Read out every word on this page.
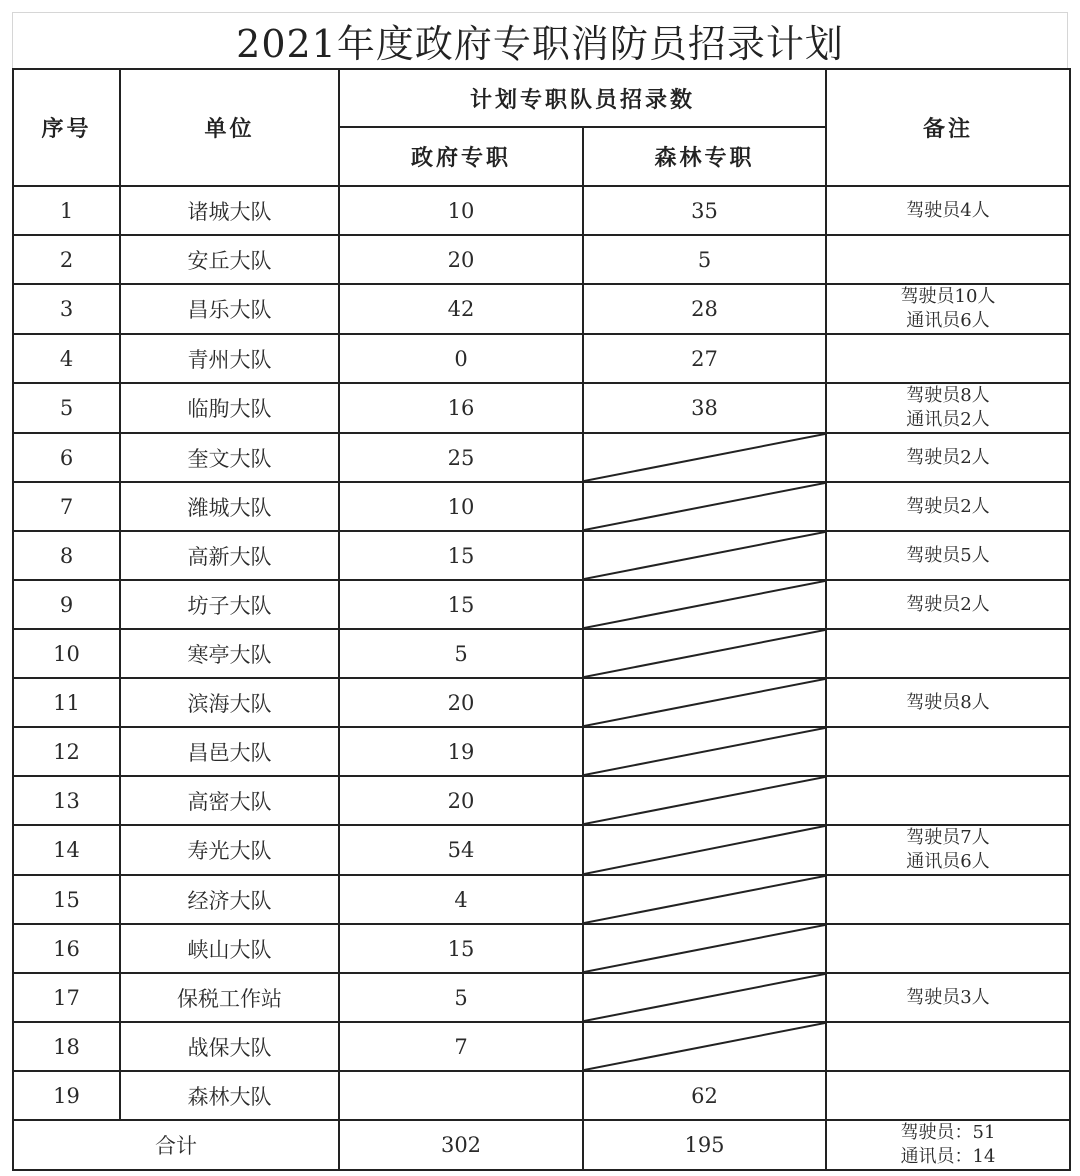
2021年度政府专职消防员招录计划
序号	单位	计划专职队员招录数		备注
		政府专职	森林专职	
1	诸城大队	10	35	驾驶员4人

2	安丘大队	20	5	
3	昌乐大队	42	28	驾驶员10人
通讯员6人

4	青州大队	0	27	
5	临朐大队	16	38	驾驶员8人
通讯员2人

6	奎文大队	25		驾驶员2人

7	潍城大队	10		驾驶员2人

8	高新大队	15		驾驶员5人

9	坊子大队	15		驾驶员2人

10	寒亭大队	5	

11	滨海大队	20		驾驶员8人

12	昌邑大队	19	

13	高密大队	20	

14	寿光大队	54		驾驶员7人
通讯员6人

15	经济大队	4	

16	峡山大队	15	

17	保税工作站	5		驾驶员3人

18	战保大队	7	

19	森林大队		62	
合计		302	195	驾驶员：51
通讯员：14
